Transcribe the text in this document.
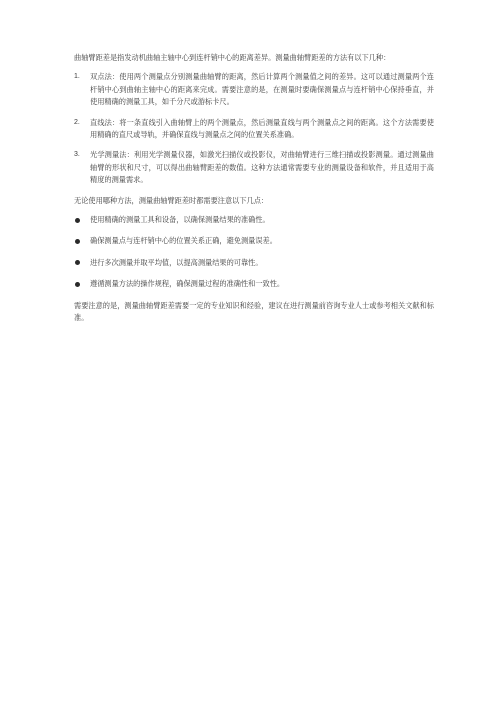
曲轴臂距差是指发动机曲轴主轴中心到连杆销中心的距离差异。测量曲轴臂距差的方法有以下几种：

1. 双点法：使用两个测量点分别测量曲轴臂的距离，然后计算两个测量值之间的差异。这可以通过测量两个连杆销中心到曲轴主轴中心的距离来完成。需要注意的是，在测量时要确保测量点与连杆销中心保持垂直，并使用精确的测量工具，如千分尺或游标卡尺。
2. 直线法：将一条直线引入曲轴臂上的两个测量点，然后测量直线与两个测量点之间的距离。这个方法需要使用精确的直尺或导轨，并确保直线与测量点之间的位置关系准确。
3. 光学测量法：利用光学测量仪器，如激光扫描仪或投影仪，对曲轴臂进行三维扫描或投影测量。通过测量曲轴臂的形状和尺寸，可以得出曲轴臂距差的数值。这种方法通常需要专业的测量设备和软件，并且适用于高精度的测量需求。

无论使用哪种方法，测量曲轴臂距差时都需要注意以下几点：

使用精确的测量工具和设备，以确保测量结果的准确性。
确保测量点与连杆销中心的位置关系正确，避免测量误差。
进行多次测量并取平均值，以提高测量结果的可靠性。
遵循测量方法的操作规程，确保测量过程的准确性和一致性。

需要注意的是，测量曲轴臂距差需要一定的专业知识和经验，建议在进行测量前咨询专业人士或参考相关文献和标准。
